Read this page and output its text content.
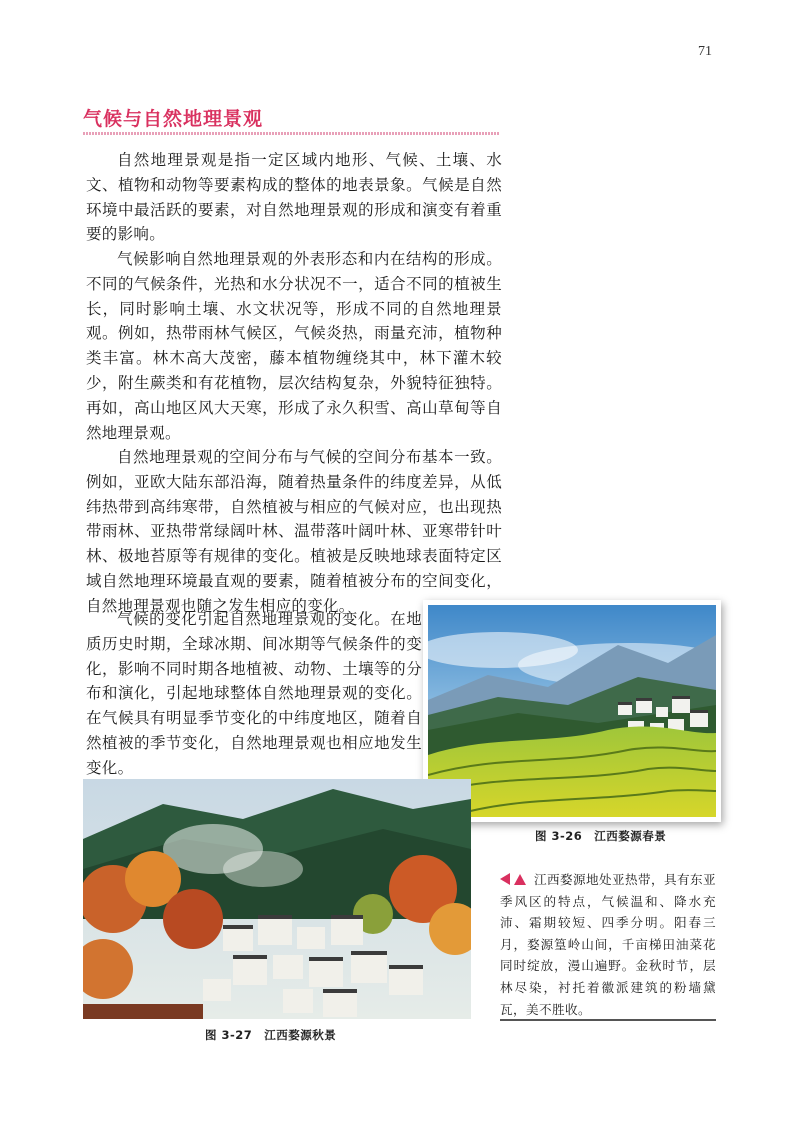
71
气候与自然地理景观

自然地理景观是指一定区域内地形、气候、土壤、水文、植物和动物等要素构成的整体的地表景象。气候是自然环境中最活跃的要素，对自然地理景观的形成和演变有着重要的影响。

气候影响自然地理景观的外表形态和内在结构的形成。不同的气候条件，光热和水分状况不一，适合不同的植被生长，同时影响土壤、水文状况等，形成不同的自然地理景观。例如，热带雨林气候区，气候炎热，雨量充沛，植物种类丰富。林木高大茂密，藤本植物缠绕其中，林下灌木较少，附生蕨类和有花植物，层次结构复杂，外貌特征独特。再如，高山地区风大天寒，形成了永久积雪、高山草甸等自然地理景观。

自然地理景观的空间分布与气候的空间分布基本一致。例如，亚欧大陆东部沿海，随着热量条件的纬度差异，从低纬热带到高纬寒带，自然植被与相应的气候对应，也出现热带雨林、亚热带常绿阔叶林、温带落叶阔叶林、亚寒带针叶林、极地苔原等有规律的变化。植被是反映地球表面特定区域自然地理环境最直观的要素，随着植被分布的空间变化，自然地理景观也随之发生相应的变化。

气候的变化引起自然地理景观的变化。在地质历史时期，全球冰期、间冰期等气候条件的变化，影响不同时期各地植被、动物、土壤等的分布和演化，引起地球整体自然地理景观的变化。在气候具有明显季节变化的中纬度地区，随着自然植被的季节变化，自然地理景观也相应地发生变化。

图 3-26　江西婺源春景
图 3-27　江西婺源秋景

江西婺源地处亚热带，具有东亚季风区的特点，气候温和、降水充沛、霜期较短、四季分明。阳春三月，婺源篁岭山间，千亩梯田油菜花同时绽放，漫山遍野。金秋时节，层林尽染，衬托着徽派建筑的粉墙黛瓦，美不胜收。
